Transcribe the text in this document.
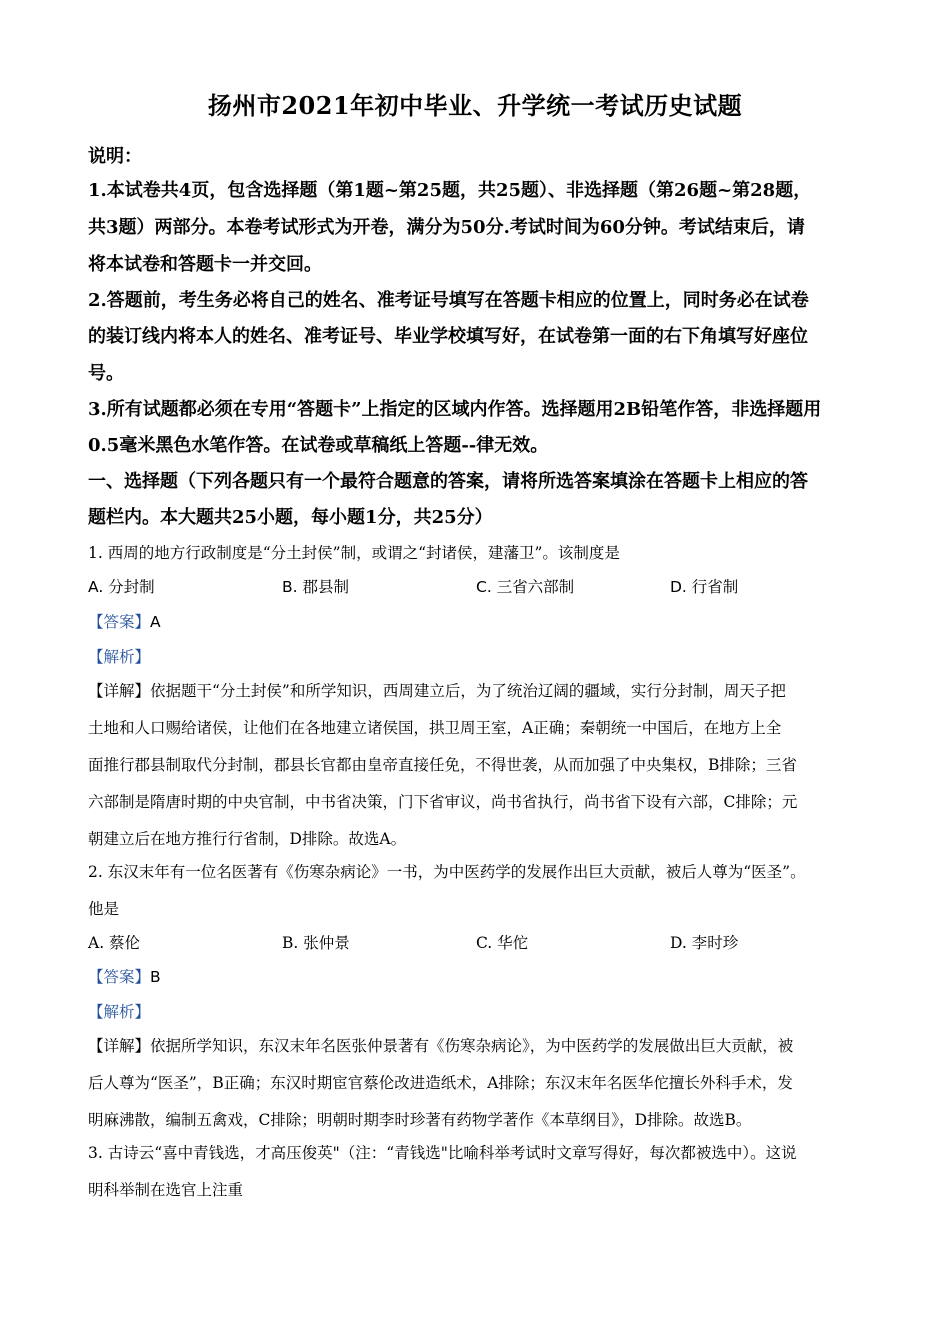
扬州市2021年初中毕业、升学统一考试历史试题
说明：
1.本试卷共4页，包含选择题（第1题~第25题，共25题）、非选择题（第26题~第28题，
共3题）两部分。本卷考试形式为开卷，满分为50分.考试时间为60分钟。考试结束后，请
将本试卷和答题卡一并交回。
2.答题前，考生务必将自己的姓名、准考证号填写在答题卡相应的位置上，同时务必在试卷
的装订线内将本人的姓名、准考证号、毕业学校填写好，在试卷第一面的右下角填写好座位
号。
3.所有试题都必须在专用“答题卡”上指定的区域内作答。选择题用2B铅笔作答，非选择题用
0.5毫米黑色水笔作答。在试卷或草稿纸上答题--律无效。
一、选择题（下列各题只有一个最符合题意的答案，请将所选答案填涂在答题卡上相应的答
题栏内。本大题共25小题，每小题1分，共25分）
1. 西周的地方行政制度是“分土封侯”制，或谓之“封诸侯，建藩卫”。该制度是
A. 分封制	B. 郡县制	C. 三省六部制	D. 行省制
【答案】A
【解析】
【详解】依据题干“分土封侯”和所学知识，西周建立后，为了统治辽阔的疆域，实行分封制，周天子把
土地和人口赐给诸侯，让他们在各地建立诸侯国，拱卫周王室，A正确；秦朝统一中国后，在地方上全
面推行郡县制取代分封制，郡县长官都由皇帝直接任免，不得世袭，从而加强了中央集权，B排除；三省
六部制是隋唐时期的中央官制，中书省决策，门下省审议，尚书省执行，尚书省下设有六部，C排除；元
朝建立后在地方推行行省制，D排除。故选A。
2. 东汉末年有一位名医著有《伤寒杂病论》一书，为中医药学的发展作出巨大贡献，被后人尊为“医圣”。
他是
A. 蔡伦	B. 张仲景	C. 华佗	D. 李时珍
【答案】B
【解析】
【详解】依据所学知识，东汉末年名医张仲景著有《伤寒杂病论》，为中医药学的发展做出巨大贡献，被
后人尊为“医圣”，B正确；东汉时期宦官蔡伦改进造纸术，A排除；东汉末年名医华佗擅长外科手术，发
明麻沸散，编制五禽戏，C排除；明朝时期李时珍著有药物学著作《本草纲目》，D排除。故选B。
3. 古诗云“喜中青钱选，才高压俊英"（注：“青钱选"比喻科举考试时文章写得好，每次都被选中）。这说
明科举制在选官上注重
